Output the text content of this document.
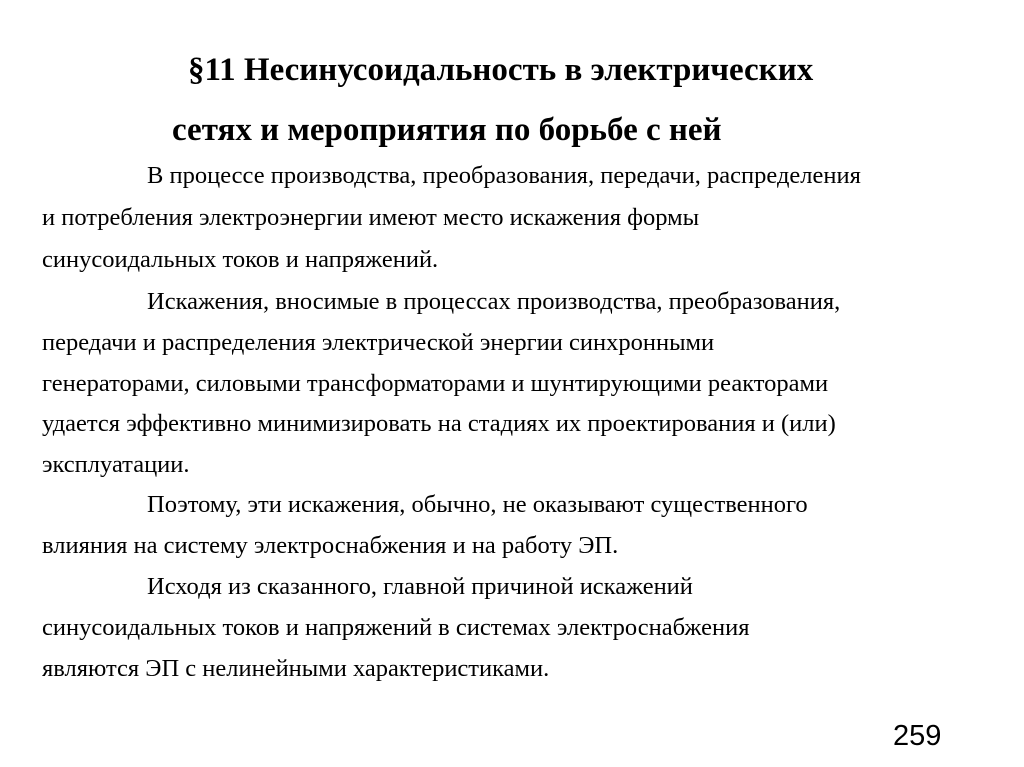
§11 Несинусоидальность в электрических
сетях и мероприятия по борьбе с ней
В процессе производства, преобразования, передачи, распределения
и потребления электроэнергии имеют место искажения формы
синусоидальных токов и напряжений.
Искажения, вносимые в процессах производства, преобразования,
передачи и распределения электрической энергии синхронными
генераторами, силовыми трансформаторами и шунтирующими реакторами
удается эффективно минимизировать на стадиях их проектирования и (или)
эксплуатации.
Поэтому, эти искажения, обычно, не оказывают существенного
влияния на систему электроснабжения и на работу ЭП.
Исходя из сказанного, главной причиной искажений
синусоидальных токов и напряжений в системах электроснабжения
являются ЭП с нелинейными характеристиками.
259
